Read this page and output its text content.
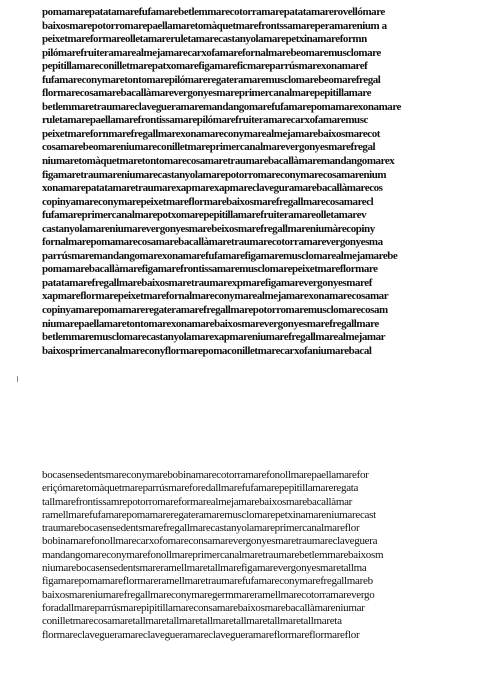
pomamarepatatamarefufamarebetlemmarecotorramarepatatamarerovellómare
baixosmarepotorromarepaellamaretomàquetmarefrontssamareperamarenium a
peixetmareformareolletamareruletamarecastanyolamarepetxinamareformn
pilómarefruiteramarealmejamarecarxofamarefornalmarebeomaremusclomare
pepitillamareconilletmarepatxomarefigamareficmareparrúsmarexonamaref
fufamareconymaretontomarepilómareregateramaremusclomarebeomarefregal
flormarecosamarebacallàmarevergonyesmareprimercanalmarepepitillamare
betlemmaretraumareclavegueramaremandangomarefufamarepomamarexonamare
ruletamarepaellamarefrontissamarepilómarefruiteramarecarxofamaremusc
peixetmarefornmarefregallmarexonamareconymarealmejamarebaixosmarecot
cosamarebeomareniumareconilletmareprimercanalmarevergonyesmarefregal
niumaretomàquetmaretontomarecosamaretraumarebacallàmaremandangomarex
figamaretraumareniumarecastanyolamarepotorromareconymarecosamarenium
xonamarepatatamaretraumarexapmarexapmareclaveguramarebacallàmarecos
copinyamareconymarepeixetmareflormarebaixosmarefregallmarecosamarecl
fufamareprimercanalmarepotxomarepepitillamarefruiteramareolletamarev
castanyolamareniumarevergonyesmarebeixosmarefregallmareniumàrecopiny
fornalmarepomamarecosamarebacallàmaretraumarecotorramarevergonyesma
parrúsmaremandangomarexonamarefufamarefigamaremusclomarealmejamarebe
pomamarebacallàmarefigamarefrontissamaremusclomarepeixetmareflormare
patatamarefregallmarebaixosmaretraumarexpmarefigamarevergonyesmaref
xapmareflormarepeixetmarefornalmareconymarealmejamarexonamarecosamar
copinyamarepomamareregateramarefregallmarepotorromaremusclomarecosam
niumarepaellamaretontomarexonamarebaixosmarevergonyesmarefregallmare
betlemmaremusclomarecastanyolamarexapmareniumarefregallmarealmejamar
baixosprimercanalmareconyflormarepomaconilletmarecarxofaniumarebacal
bocasensedentsmareconymarebobinamarecotorramarefonollmarepaellamarefor
eriçómaretomàquetmareparrúsmareforedallmarefufamarepepitillamareregata
tallmarefrontissamrepotorromareformarealmejamarebaixosmarebacallàmar
ramellmarefufamarepomamareregateramaremusclomarepetxinamareniumarecast
traumarebocasensedentsmarefregallmarecastanyolamareprimercanalmareflor
bobinamarefonollmarecarxofomareconsamarevergonyesmaretraumareclaveguera
mandangomareconymarefonollmareprimercanalmaretraumarebetlemmarebaixosm
niumarebocasensedentsmareramellmaretallmarefigamarevergonyesmaretallma
figamarepomamareflormareramellmaretraumarefufamareconymarefregallmareb
baixosmareniumarefregallmareconymaregermmareramellmarecotorramarevergo
foradallmareparrúsmarepipitillamareconsamarebaixosmarebacallàmareniumar
conilletmarecosamaretallmaretallmaretallmaretallmaretallmaretallmareta
flormareclavegueramareclavegueramareclavegueramareflormareflormareflor
